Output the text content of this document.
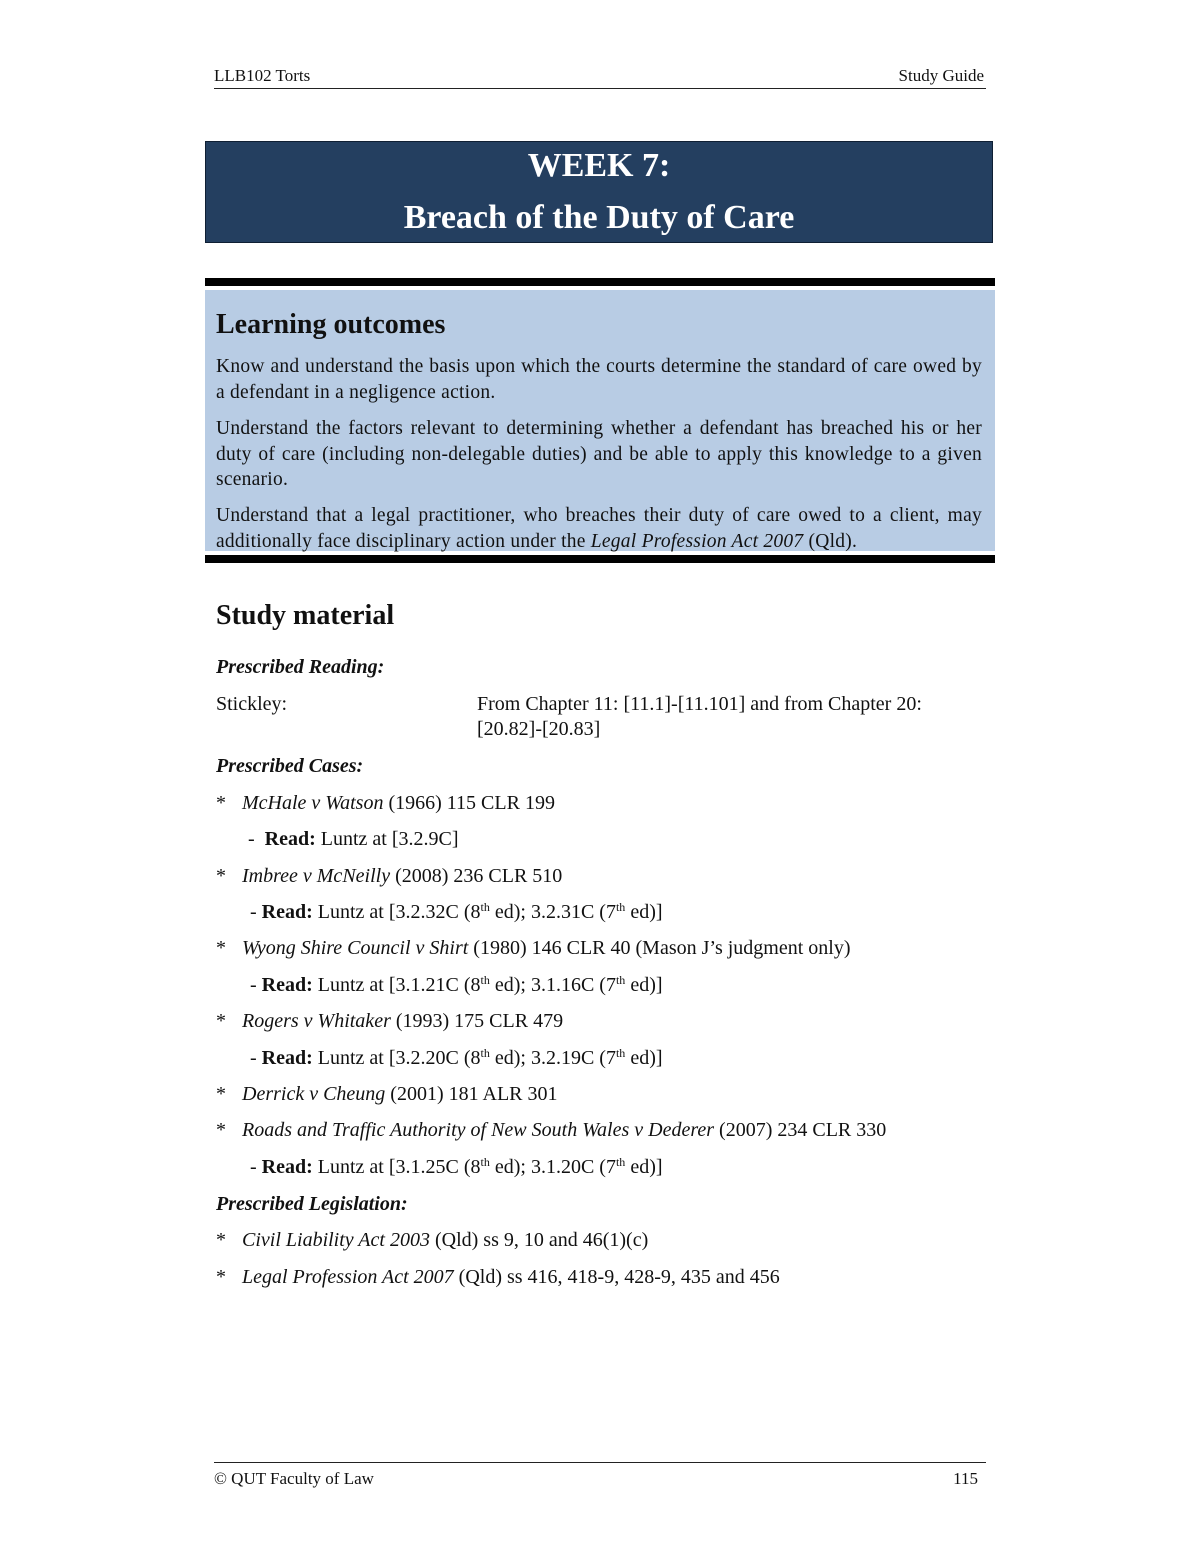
LLB102 Torts	Study Guide
WEEK 7:
Breach of the Duty of Care
Learning outcomes

Know and understand the basis upon which the courts determine the standard of care owed by a defendant in a negligence action.

Understand the factors relevant to determining whether a defendant has breached his or her duty of care (including non-delegable duties) and be able to apply this knowledge to a given scenario.

Understand that a legal practitioner, who breaches their duty of care owed to a client, may additionally face disciplinary action under the Legal Profession Act 2007 (Qld).

Study material
Prescribed Reading:
Stickley:	From Chapter 11: [11.1]-[11.101] and from Chapter 20:
[20.82]-[20.83]
Prescribed Cases:
* McHale v Watson (1966) 115 CLR 199
- Read: Luntz at [3.2.9C]
* Imbree v McNeilly (2008) 236 CLR 510
- Read: Luntz at [3.2.32C (8th ed); 3.2.31C (7th ed)]
* Wyong Shire Council v Shirt (1980) 146 CLR 40 (Mason J’s judgment only)
- Read: Luntz at [3.1.21C (8th ed); 3.1.16C (7th ed)]
* Rogers v Whitaker (1993) 175 CLR 479
- Read: Luntz at [3.2.20C (8th ed); 3.2.19C (7th ed)]
* Derrick v Cheung (2001) 181 ALR 301
* Roads and Traffic Authority of New South Wales v Dederer (2007) 234 CLR 330
- Read: Luntz at [3.1.25C (8th ed); 3.1.20C (7th ed)]
Prescribed Legislation:
* Civil Liability Act 2003 (Qld) ss 9, 10 and 46(1)(c)
* Legal Profession Act 2007 (Qld) ss 416, 418-9, 428-9, 435 and 456
© QUT Faculty of Law	115
